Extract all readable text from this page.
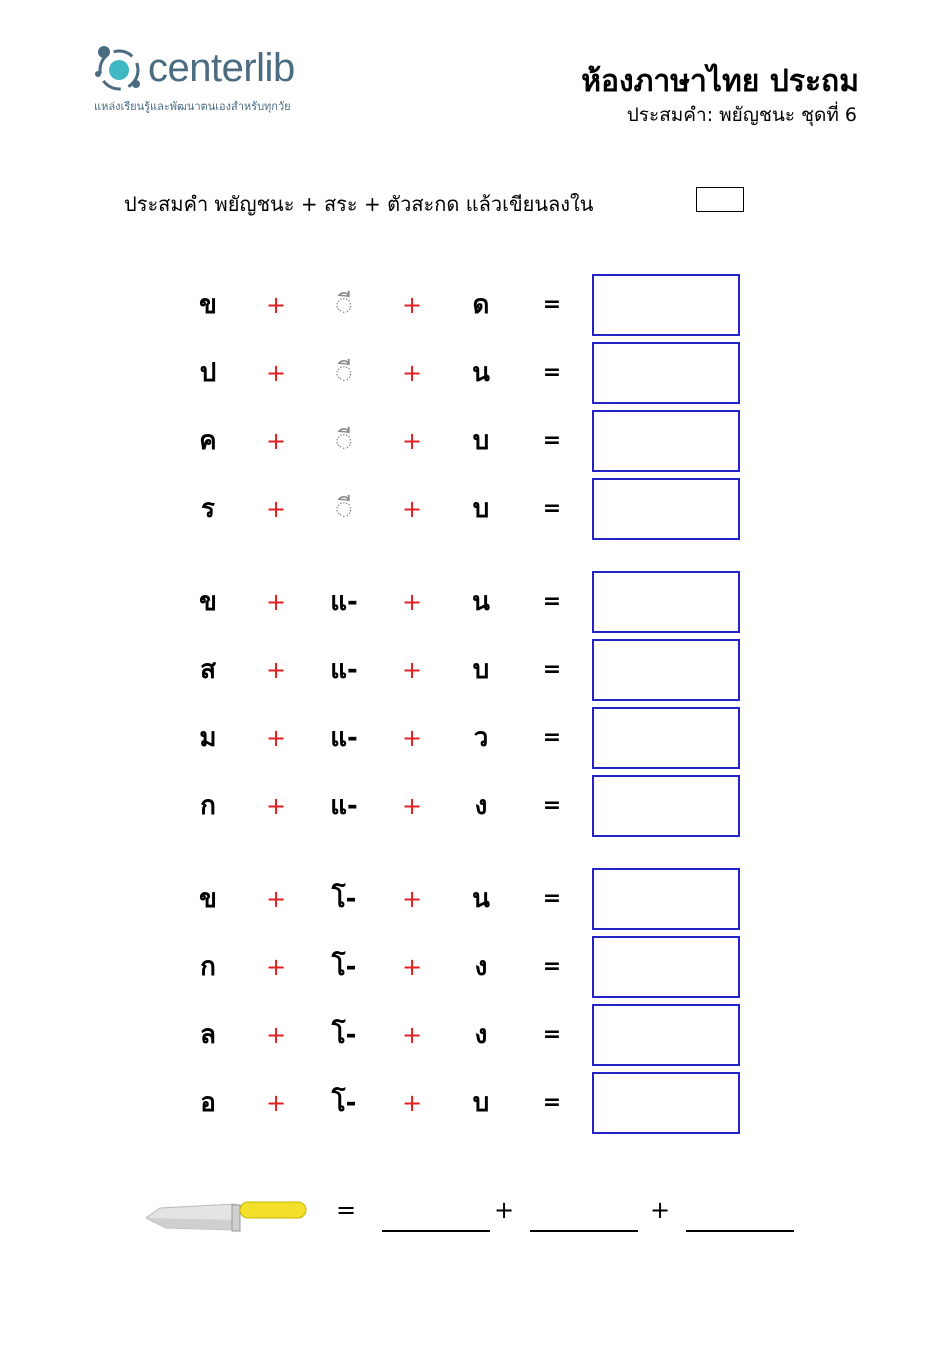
centerlib
แหล่งเรียนรู้และพัฒนาตนเองสำหรับทุกวัย
ห้องภาษาไทย ประถม
ประสมคำ: พยัญชนะ ชุดที่ 6
ประสมคำ พยัญชนะ + สระ + ตัวสะกด แล้วเขียนลงใน
ข	+	◌ี	+	ด	=
ป	+	◌ี	+	น	=
ค	+	◌ี	+	บ	=
ร	+	◌ี	+	บ	=
ข	+	แ-	+	น	=
ส	+	แ-	+	บ	=
ม	+	แ-	+	ว	=
ก	+	แ-	+	ง	=
ข	+	โ-	+	น	=
ก	+	โ-	+	ง	=
ล	+	โ-	+	ง	=
อ	+	โ-	+	บ	=
=	+	+
